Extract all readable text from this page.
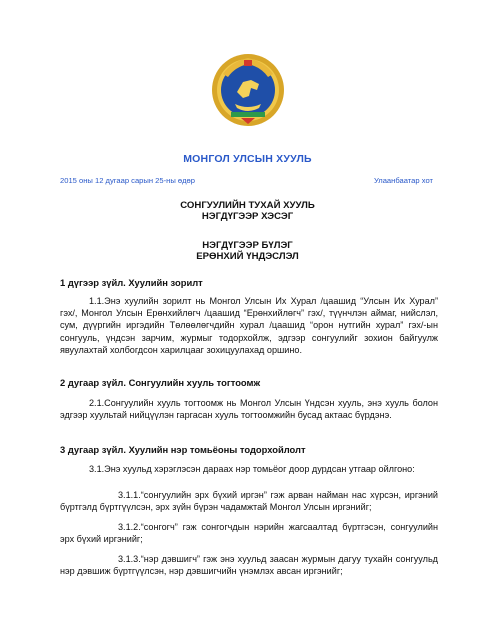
МОНГОЛ УЛСЫН ХУУЛЬ
2015 оны 12 дугаар сарын 25-ны өдөр	Улаанбаатар хот
СОНГУУЛИЙН ТУХАЙ ХУУЛЬ
НЭГДҮГЭЭР ХЭСЭГ
НЭГДҮГЭЭР БҮЛЭГ
ЕРӨНХИЙ ҮНДЭСЛЭЛ
1 дүгээр зүйл. Хуулийн зорилт

1.1.Энэ хуулийн зорилт нь Монгол Улсын Их Хурал /цаашид “Улсын Их Хурал” гэх/, Монгол Улсын Ерөнхийлөгч /цаашид “Ерөнхийлөгч” гэх/, түүнчлэн аймаг, нийслэл, сум, дүүргийн иргэдийн Төлөөлөгчдийн хурал /цаашид “орон нутгийн хурал” гэх/-ын сонгууль, үндсэн зарчим, журмыг тодорхойлж, эдгээр сонгуулийг зохион байгуулж явуулахтай холбогдсон харилцааг зохицуулахад оршино.

2 дугаар зүйл. Сонгуулийн хууль тогтоомж

2.1.Сонгуулийн хууль тогтоомж нь Монгол Улсын Үндсэн хууль, энэ хууль болон эдгээр хуультай нийцүүлэн гаргасан хууль тогтоомжийн бусад актаас бүрдэнэ.

3 дугаар зүйл. Хуулийн нэр томьёоны тодорхойлолт

3.1.Энэ хуульд хэрэглэсэн дараах нэр томьёог доор дурдсан утгаар ойлгоно:

3.1.1.“сонгуулийн эрх бүхий иргэн” гэж арван найман нас хүрсэн, иргэний бүртгэлд бүртгүүлсэн, эрх зүйн бүрэн чадамжтай Монгол Улсын иргэнийг;

3.1.2.“сонгогч” гэж сонгогчдын нэрийн жагсаалтад бүртгэсэн, сонгуулийн эрх бүхий иргэнийг;

3.1.3.“нэр дэвшигч” гэж энэ хуульд заасан журмын дагуу тухайн сонгуульд нэр дэвшиж бүртгүүлсэн, нэр дэвшигчийн үнэмлэх авсан иргэнийг;
